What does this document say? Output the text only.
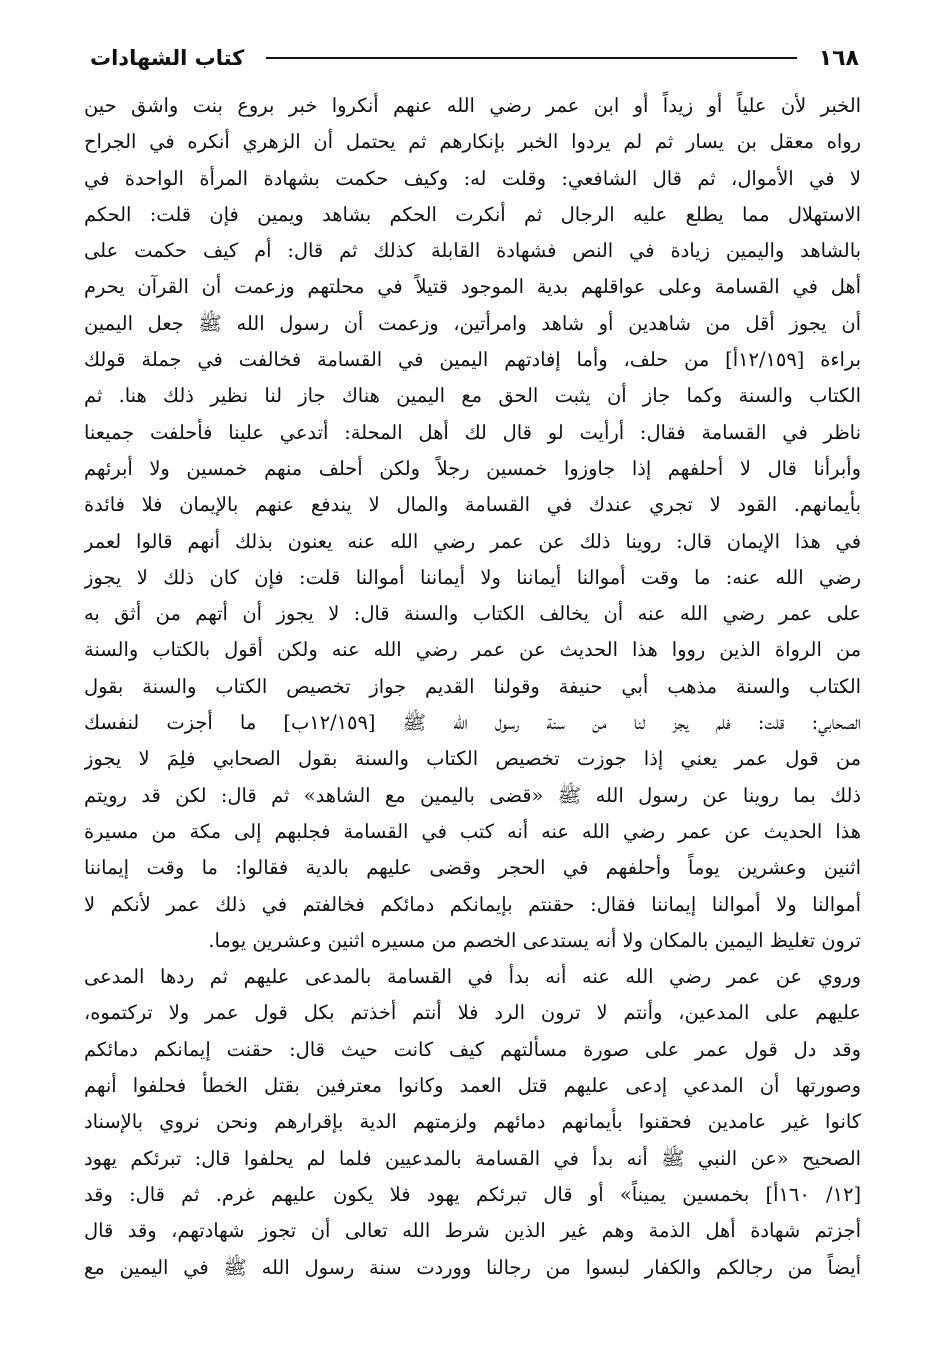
١٦٨
كتاب الشهادات
الخبر لأن علياً أو زيداً أو ابن عمر رضي الله عنهم أنكروا خبر بروع بنت واشق حين
رواه معقل بن يسار ثم لم يردوا الخبر بإنكارهم ثم يحتمل أن الزهري أنكره في الجراح
لا في الأموال، ثم قال الشافعي: وقلت له: وكيف حكمت بشهادة المرأة الواحدة في
الاستهلال مما يطلع عليه الرجال ثم أنكرت الحكم بشاهد ويمين فإن قلت: الحكم
بالشاهد واليمين زيادة في النص فشهادة القابلة كذلك ثم قال: أم كيف حكمت على
أهل في القسامة وعلى عواقلهم بدية الموجود قتيلاً في محلتهم وزعمت أن القرآن يحرم
أن يجوز أقل من شاهدين أو شاهد وامرأتين، وزعمت أن رسول الله ﷺ جعل اليمين
براءة [١٢/١٥٩أ] من حلف، وأما إفادتهم اليمين في القسامة فخالفت في جملة قولك
الكتاب والسنة وكما جاز أن يثبت الحق مع اليمين هناك جاز لنا نظير ذلك هنا. ثم
ناظر في القسامة فقال: أرأيت لو قال لك أهل المحلة: أتدعي علينا فأحلفت جميعنا
وأبرأنا قال لا أحلفهم إذا جاوزوا خمسين رجلاً ولكن أحلف منهم خمسين ولا أبرئهم
بأيمانهم. القود لا تجري عندك في القسامة والمال لا يندفع عنهم بالإيمان فلا فائدة
في هذا الإيمان قال: روينا ذلك عن عمر رضي الله عنه يعنون بذلك أنهم قالوا لعمر
رضي الله عنه: ما وقت أموالنا أيماننا ولا أيماننا أموالنا قلت: فإن كان ذلك لا يجوز
على عمر رضي الله عنه أن يخالف الكتاب والسنة قال: لا يجوز أن أتهم من أثق به
من الرواة الذين رووا هذا الحديث عن عمر رضي الله عنه ولكن أقول بالكتاب والسنة
الكتاب والسنة مذهب أبي حنيفة وقولنا القديم جواز تخصيص الكتاب والسنة بقول
الصحابي: قلت: فلم يجز لنا من سنة رسول الله ﷺ [١٢/١٥٩ب] ما أجزت لنفسك
من قول عمر يعني إذا جوزت تخصيص الكتاب والسنة بقول الصحابي فلِمَ لا يجوز
ذلك بما روينا عن رسول الله ﷺ «قضى باليمين مع الشاهد» ثم قال: لكن قد رويتم
هذا الحديث عن عمر رضي الله عنه أنه كتب في القسامة فجلبهم إلى مكة من مسيرة
اثنين وعشرين يوماً وأحلفهم في الحجر وقضى عليهم بالدية فقالوا: ما وقت إيماننا
أموالنا ولا أموالنا إيماننا فقال: حقنتم بإيمانكم دمائكم فخالفتم في ذلك عمر لأنكم لا
ترون تغليظ اليمين بالمكان ولا أنه يستدعى الخصم من مسيره اثنين وعشرين يوما.
وروي عن عمر رضي الله عنه أنه بدأ في القسامة بالمدعى عليهم ثم ردها المدعى
عليهم على المدعين، وأنتم لا ترون الرد فلا أنتم أخذتم بكل قول عمر ولا تركتموه،
وقد دل قول عمر على صورة مسألتهم كيف كانت حيث قال: حقنت إيمانكم دمائكم
وصورتها أن المدعي إدعى عليهم قتل العمد وكانوا معترفين بقتل الخطأ فحلفوا أنهم
كانوا غير عامدين فحقنوا بأيمانهم دمائهم ولزمتهم الدية بإقرارهم ونحن نروي بالإسناد
الصحيح «عن النبي ﷺ أنه بدأ في القسامة بالمدعيين فلما لم يحلفوا قال: تبرئكم يهود
[١٢/ ١٦٠أ] بخمسين يميناً» أو قال تبرئكم يهود فلا يكون عليهم غرم. ثم قال: وقد
أجزتم شهادة أهل الذمة وهم غير الذين شرط الله تعالى أن تجوز شهادتهم، وقد قال
أيضاً من رجالكم والكفار لبسوا من رجالنا ووردت سنة رسول الله ﷺ في اليمين مع
